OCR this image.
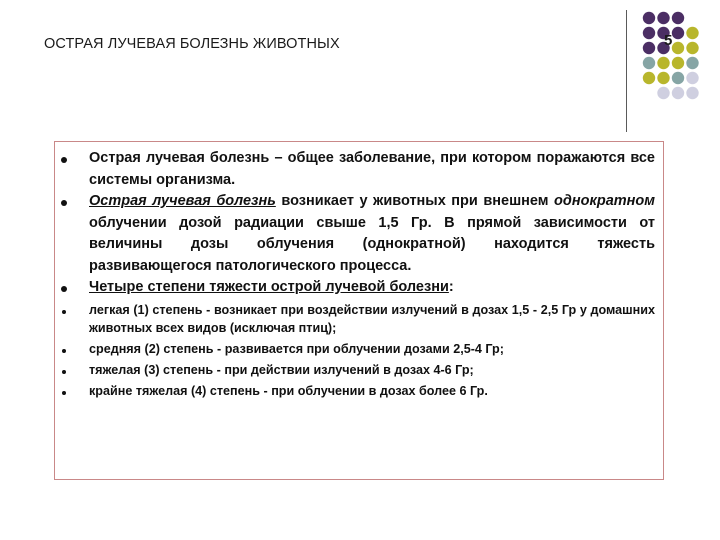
ОСТРАЯ ЛУЧЕВАЯ БОЛЕЗНЬ ЖИВОТНЫХ	5
Острая лучевая болезнь – общее заболевание, при котором поражаются все системы организма.
Острая лучевая болезнь возникает у животных при внешнем однократном облучении дозой радиации свыше 1,5 Гр. В прямой зависимости от величины дозы облучения (однократной) находится тяжесть развивающегося патологического процесса.
Четыре степени тяжести острой лучевой болезни:
легкая (1) степень - возникает при воздействии излучений в дозах 1,5 - 2,5 Гр у домашних животных всех видов (исключая птиц);
средняя (2) степень - развивается при облучении дозами 2,5-4 Гр;
тяжелая (3) степень - при действии излучений в дозах 4-6 Гр;
крайне тяжелая (4) степень - при облучении в дозах более 6 Гр.
